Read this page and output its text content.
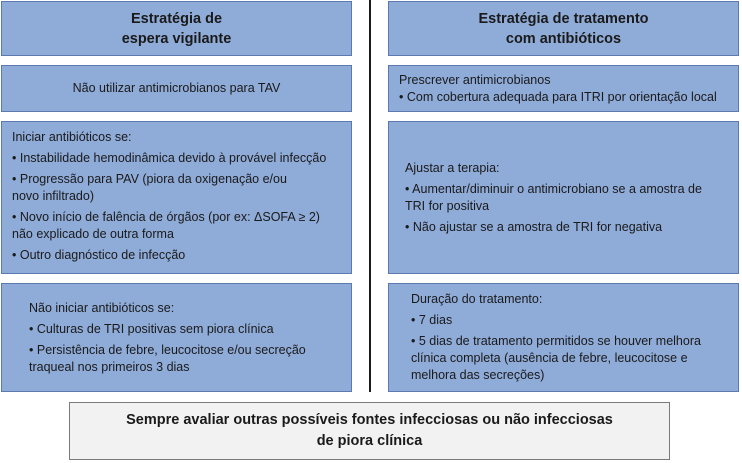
Estratégia de
espera vigilante
Não utilizar antimicrobianos para TAV
Iniciar antibióticos se:
• Instabilidade hemodinâmica devido à provável infecção
• Progressão para PAV (piora da oxigenação e/ou
novo infiltrado)
• Novo início de falência de órgãos (por ex: ΔSOFA ≥ 2)
não explicado de outra forma
• Outro diagnóstico de infecção
Não iniciar antibióticos se:
• Culturas de TRI positivas sem piora clínica
• Persistência de febre, leucocitose e/ou secreção
traqueal nos primeiros 3 dias
Estratégia de tratamento
com antibióticos
Prescrever antimicrobianos
• Com cobertura adequada para ITRI por orientação local
Ajustar a terapia:
• Aumentar/diminuir o antimicrobiano se a amostra de
TRI for positiva
• Não ajustar se a amostra de TRI for negativa
Duração do tratamento:
• 7 dias
• 5 dias de tratamento permitidos se houver melhora
clínica completa (ausência de febre, leucocitose e
melhora das secreções)
Sempre avaliar outras possíveis fontes infecciosas ou não infecciosas
de piora clínica
